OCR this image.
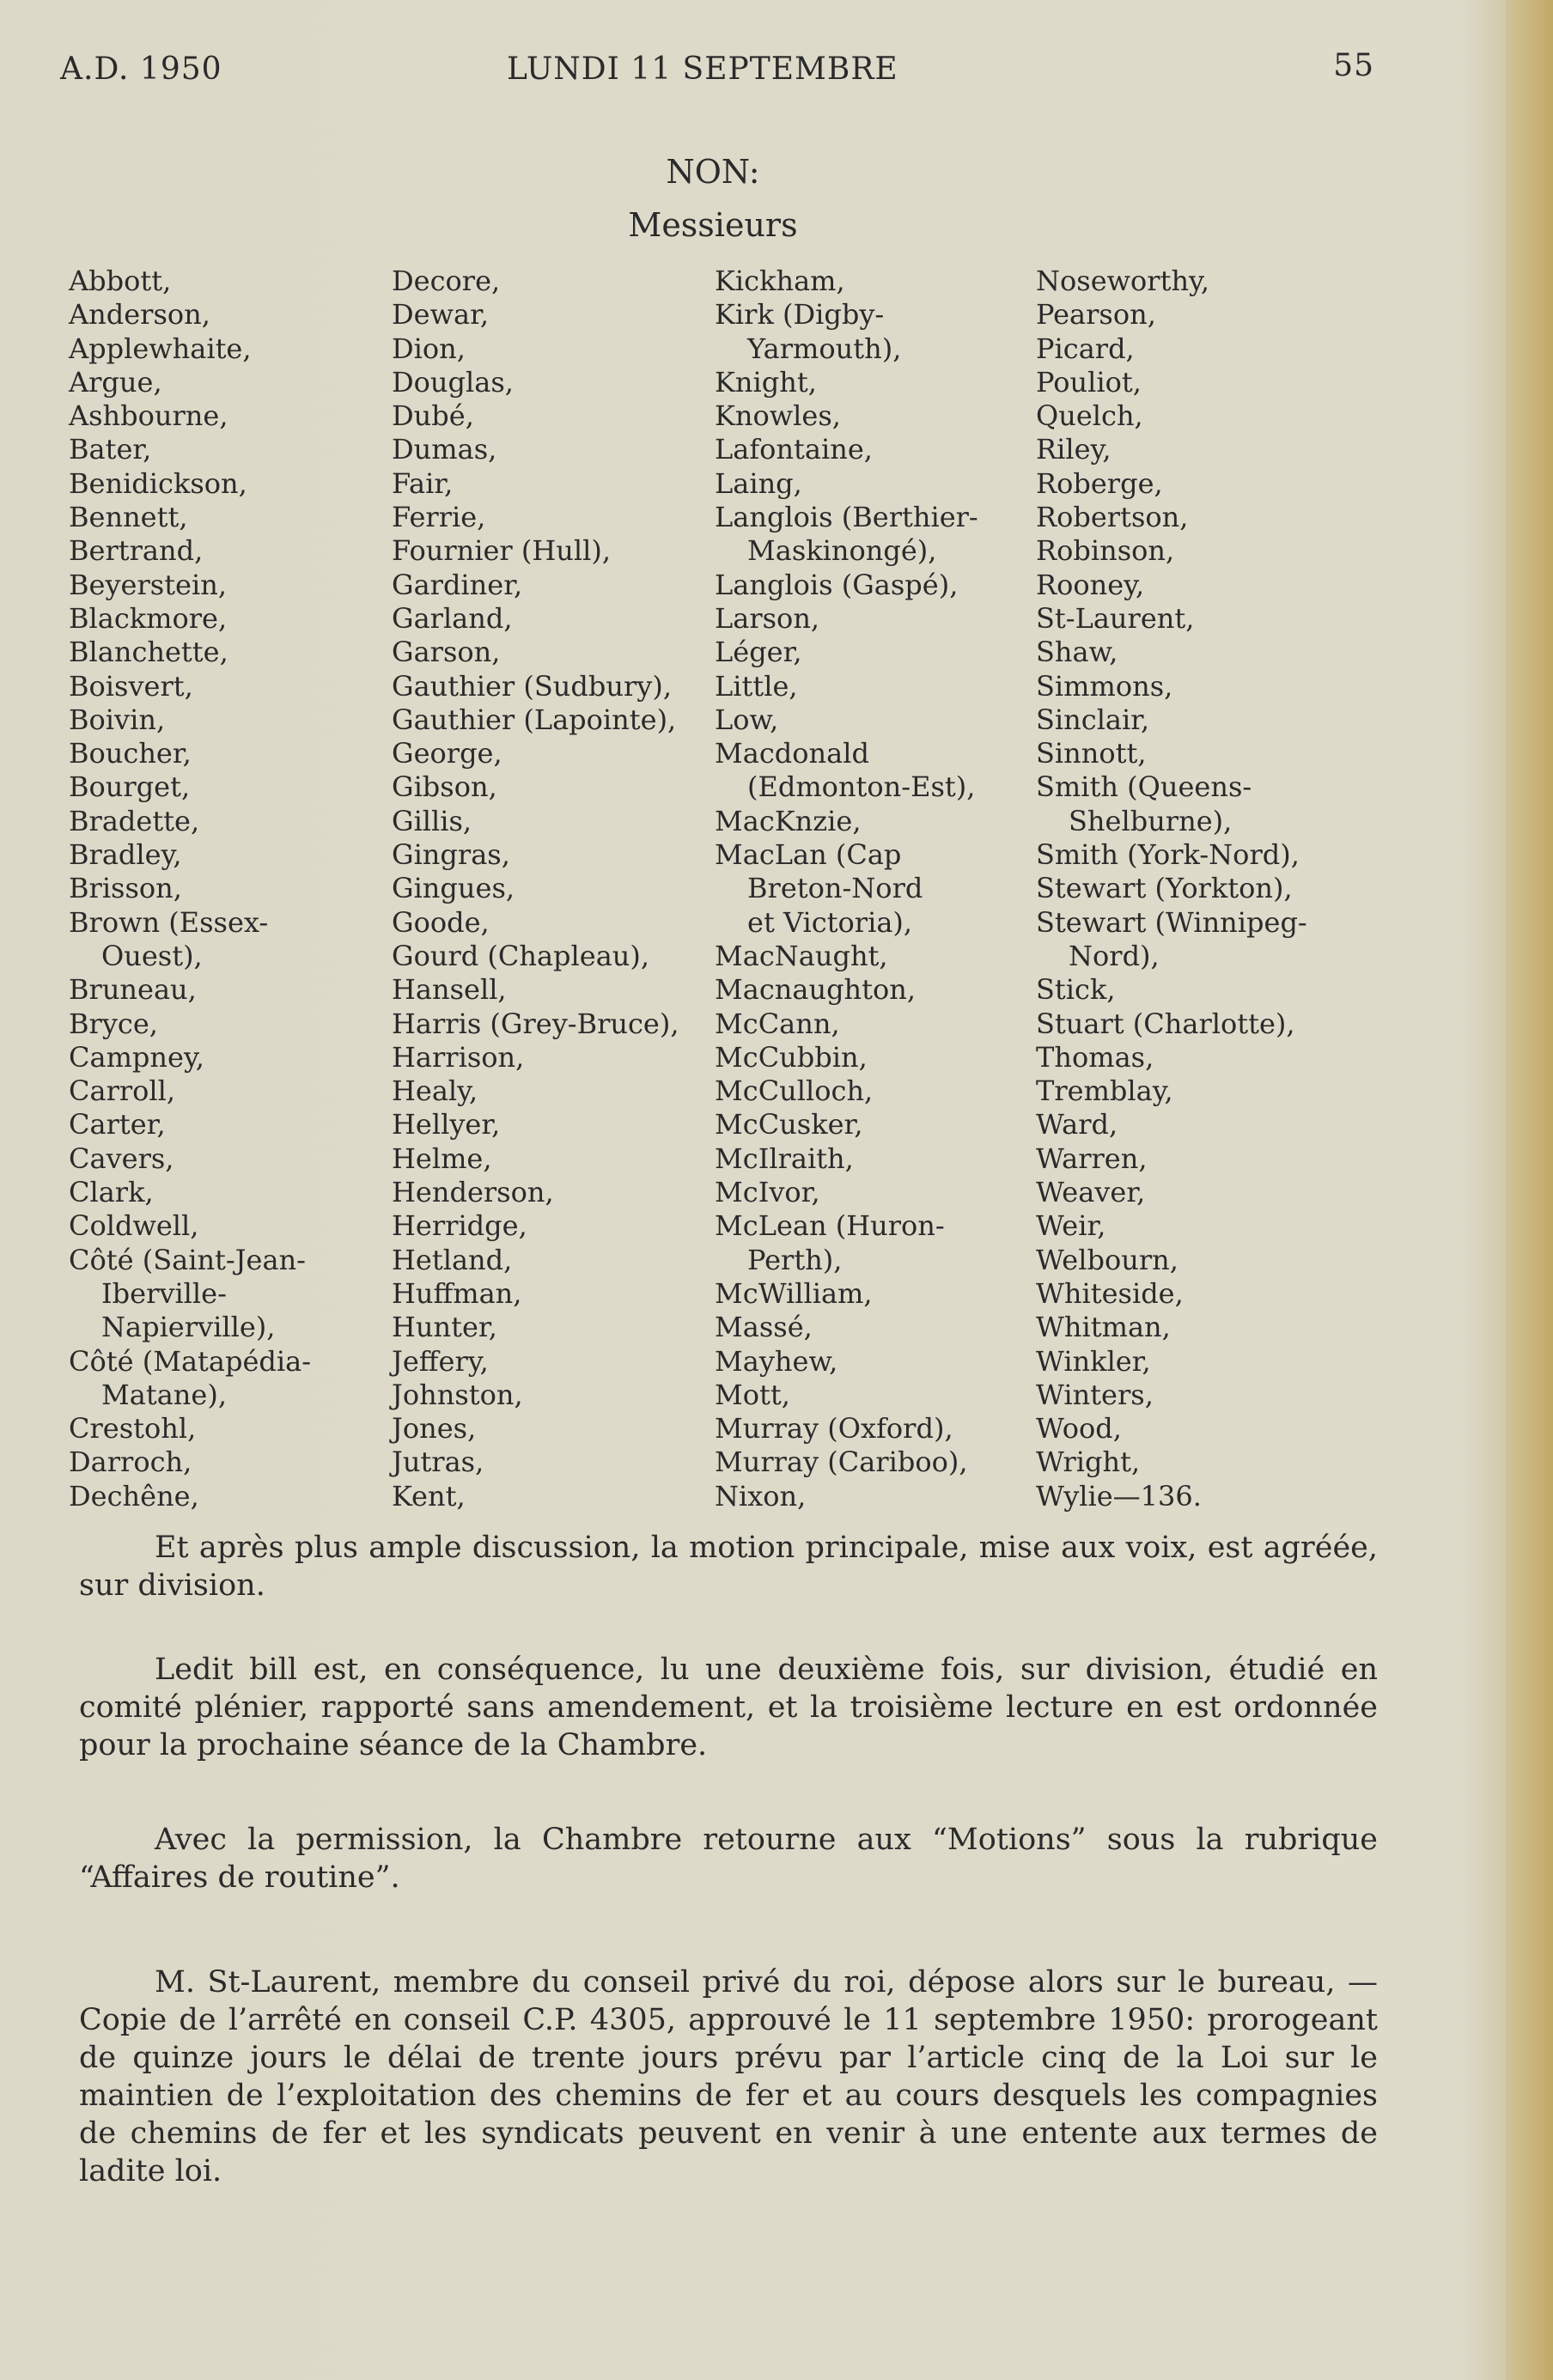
A.D. 1950	LUNDI 11 SEPTEMBRE	55
NON:
Messieurs
Abbott,
Anderson,
Applewhaite,
Argue,
Ashbourne,
Bater,
Benidickson,
Bennett,
Bertrand,
Beyerstein,
Blackmore,
Blanchette,
Boisvert,
Boivin,
Boucher,
Bourget,
Bradette,
Bradley,
Brisson,
Brown (Essex-
Ouest),
Bruneau,
Bryce,
Campney,
Carroll,
Carter,
Cavers,
Clark,
Coldwell,
Côté (Saint-Jean-
Iberville-
Napierville),
Côté (Matapédia-
Matane),
Crestohl,
Darroch,
Dechêne,
Decore,
Dewar,
Dion,
Douglas,
Dubé,
Dumas,
Fair,
Ferrie,
Fournier (Hull),
Gardiner,
Garland,
Garson,
Gauthier (Sudbury),
Gauthier (Lapointe),
George,
Gibson,
Gillis,
Gingras,
Gingues,
Goode,
Gourd (Chapleau),
Hansell,
Harris (Grey-Bruce),
Harrison,
Healy,
Hellyer,
Helme,
Henderson,
Herridge,
Hetland,
Huffman,
Hunter,
Jeffery,
Johnston,
Jones,
Jutras,
Kent,
Kickham,
Kirk (Digby-
Yarmouth),
Knight,
Knowles,
Lafontaine,
Laing,
Langlois (Berthier-
Maskinongé),
Langlois (Gaspé),
Larson,
Léger,
Little,
Low,
Macdonald
(Edmonton-Est),
MacKnzie,
MacLan (Cap
Breton-Nord
et Victoria),
MacNaught,
Macnaughton,
McCann,
McCubbin,
McCulloch,
McCusker,
McIlraith,
McIvor,
McLean (Huron-
Perth),
McWilliam,
Massé,
Mayhew,
Mott,
Murray (Oxford),
Murray (Cariboo),
Nixon,
Noseworthy,
Pearson,
Picard,
Pouliot,
Quelch,
Riley,
Roberge,
Robertson,
Robinson,
Rooney,
St-Laurent,
Shaw,
Simmons,
Sinclair,
Sinnott,
Smith (Queens-
Shelburne),
Smith (York-Nord),
Stewart (Yorkton),
Stewart (Winnipeg-
Nord),
Stick,
Stuart (Charlotte),
Thomas,
Tremblay,
Ward,
Warren,
Weaver,
Weir,
Welbourn,
Whiteside,
Whitman,
Winkler,
Winters,
Wood,
Wright,
Wylie—136.

Et après plus ample discussion, la motion principale, mise aux voix, est agréée, sur division.

Ledit bill est, en conséquence, lu une deuxième fois, sur division, étudié en comité plénier, rapporté sans amendement, et la troisième lecture en est ordonnée pour la prochaine séance de la Chambre.

Avec la permission, la Chambre retourne aux “Motions” sous la rubrique “Affaires de routine”.

M. St-Laurent, membre du conseil privé du roi, dépose alors sur le bureau, —Copie de l’arrêté en conseil C.P. 4305, approuvé le 11 septembre 1950: prorogeant de quinze jours le délai de trente jours prévu par l’article cinq de la Loi sur le maintien de l’exploitation des chemins de fer et au cours desquels les compagnies de chemins de fer et les syndicats peuvent en venir à une entente aux termes de ladite loi.
